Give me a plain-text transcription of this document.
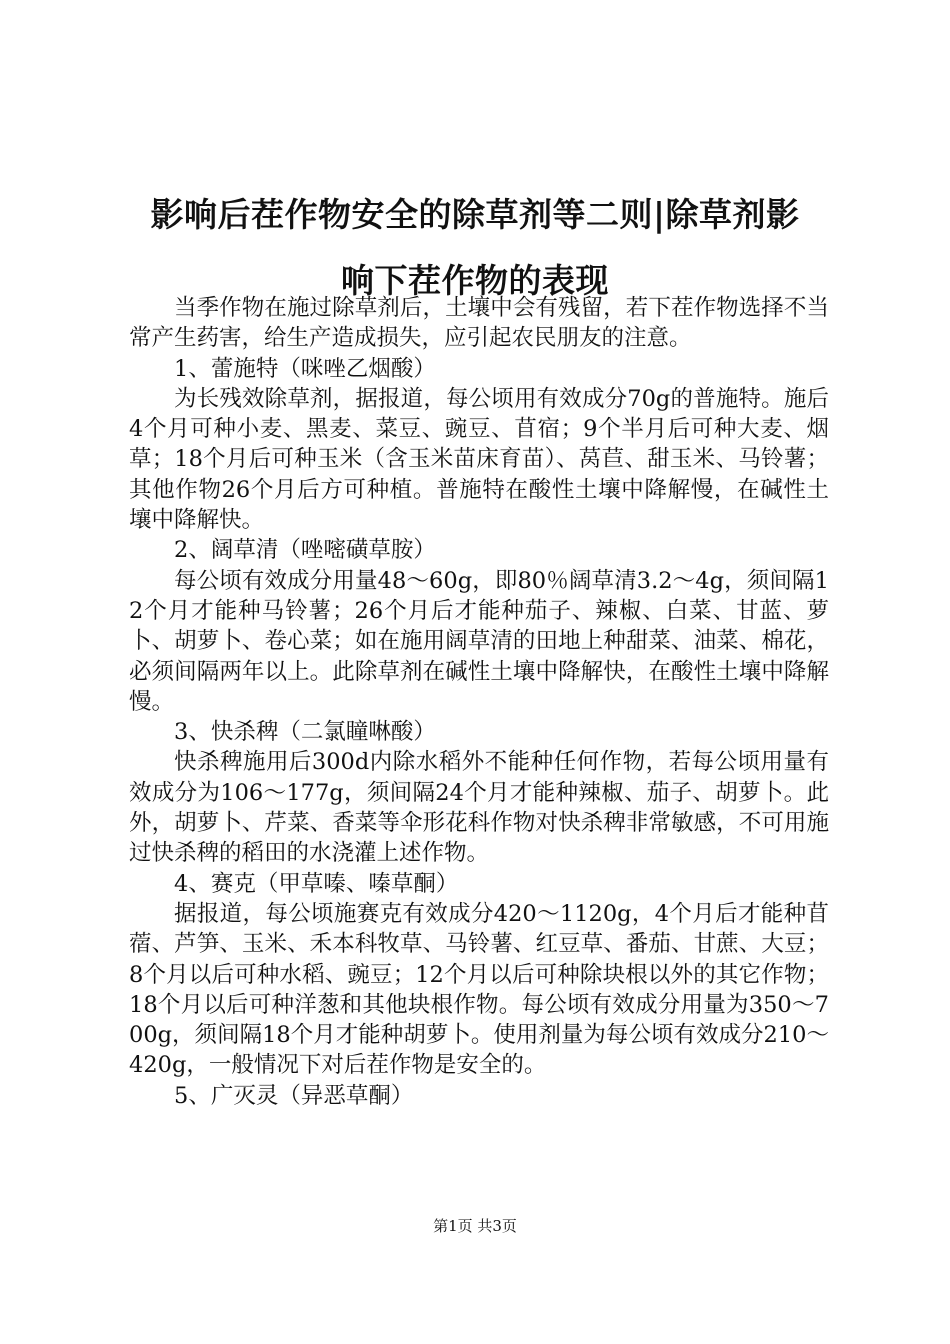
影响后茬作物安全的除草剂等二则|除草剂影
响下茬作物的表现

当季作物在施过除草剂后，土壤中会有残留，若下茬作物选择不当常产生药害，给生产造成损失，应引起农民朋友的注意。

1、蕾施特（咪唑乙烟酸）

为长残效除草剂，据报道，每公顷用有效成分70g的普施特。施后4个月可种小麦、黑麦、菜豆、豌豆、苜宿；9个半月后可种大麦、烟草；18个月后可种玉米（含玉米苗床育苗）、莴苣、甜玉米、马铃薯；其他作物26个月后方可种植。普施特在酸性土壤中降解慢，在碱性土壤中降解快。

2、阔草清（唑嘧磺草胺）

每公顷有效成分用量48～60g，即80％阔草清3.2～4g，须间隔12个月才能种马铃薯；26个月后才能种茄子、辣椒、白菜、甘蓝、萝卜、胡萝卜、卷心菜；如在施用阔草清的田地上种甜菜、油菜、棉花，必须间隔两年以上。此除草剂在碱性土壤中降解快，在酸性土壤中降解慢。

3、快杀稗（二氯瞳啉酸）

快杀稗施用后300d内除水稻外不能种任何作物，若每公顷用量有效成分为106～177g，须间隔24个月才能种辣椒、茄子、胡萝卜。此外，胡萝卜、芹菜、香菜等伞形花科作物对快杀稗非常敏感，不可用施过快杀稗的稻田的水浇灌上述作物。

4、赛克（甲草嗪、嗪草酮）

据报道，每公顷施赛克有效成分420～1120g，4个月后才能种苜蓿、芦笋、玉米、禾本科牧草、马铃薯、红豆草、番茄、甘蔗、大豆；8个月以后可种水稻、豌豆；12个月以后可种除块根以外的其它作物；18个月以后可种洋葱和其他块根作物。每公顷有效成分用量为350～700g，须间隔18个月才能种胡萝卜。使用剂量为每公顷有效成分210～420g，一般情况下对后茬作物是安全的。

5、广灭灵（异恶草酮）

第1页 共3页
